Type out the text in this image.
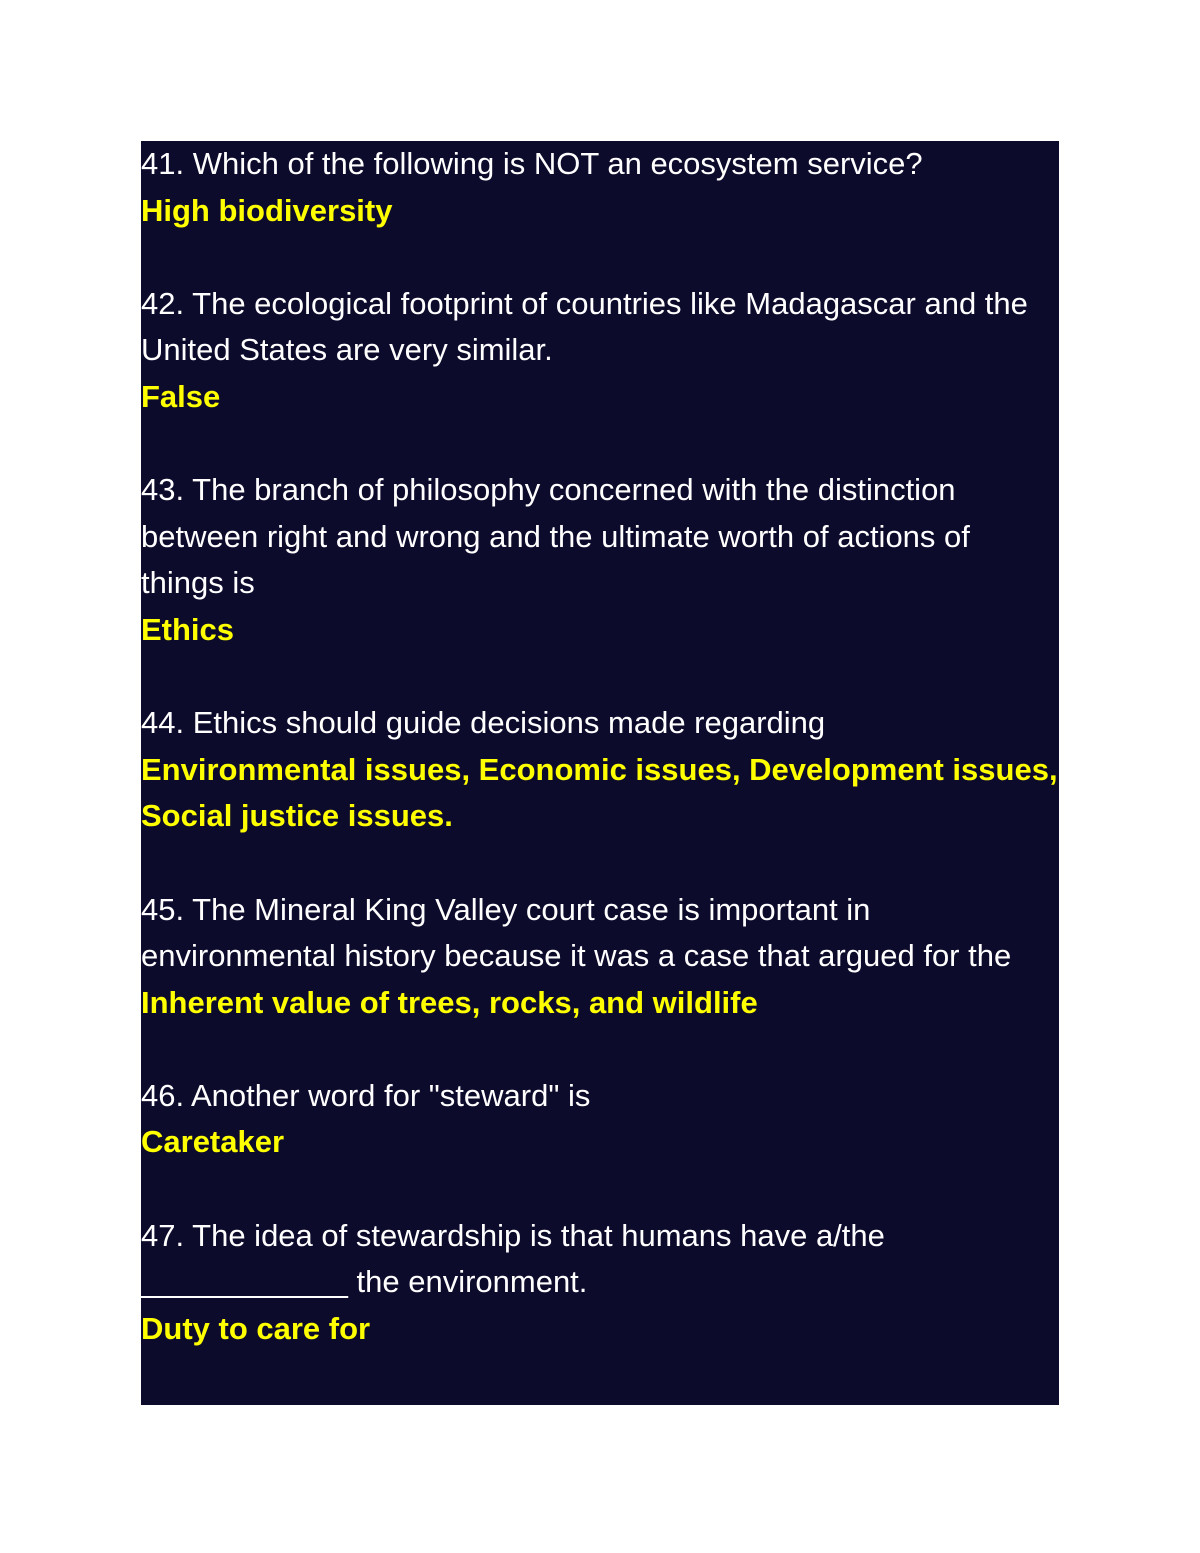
41. Which of the following is NOT an ecosystem service?
High biodiversity
42. The ecological footprint of countries like Madagascar and the United States are very similar.
False
43. The branch of philosophy concerned with the distinction between right and wrong and the ultimate worth of actions of things is
Ethics
44. Ethics should guide decisions made regarding
Environmental issues, Economic issues, Development issues, Social justice issues.
45. The Mineral King Valley court case is important in environmental history because it was a case that argued for the
Inherent value of trees, rocks, and wildlife
46. Another word for "steward" is
Caretaker
47. The idea of stewardship is that humans have a/the ____________ the environment.
Duty to care for
